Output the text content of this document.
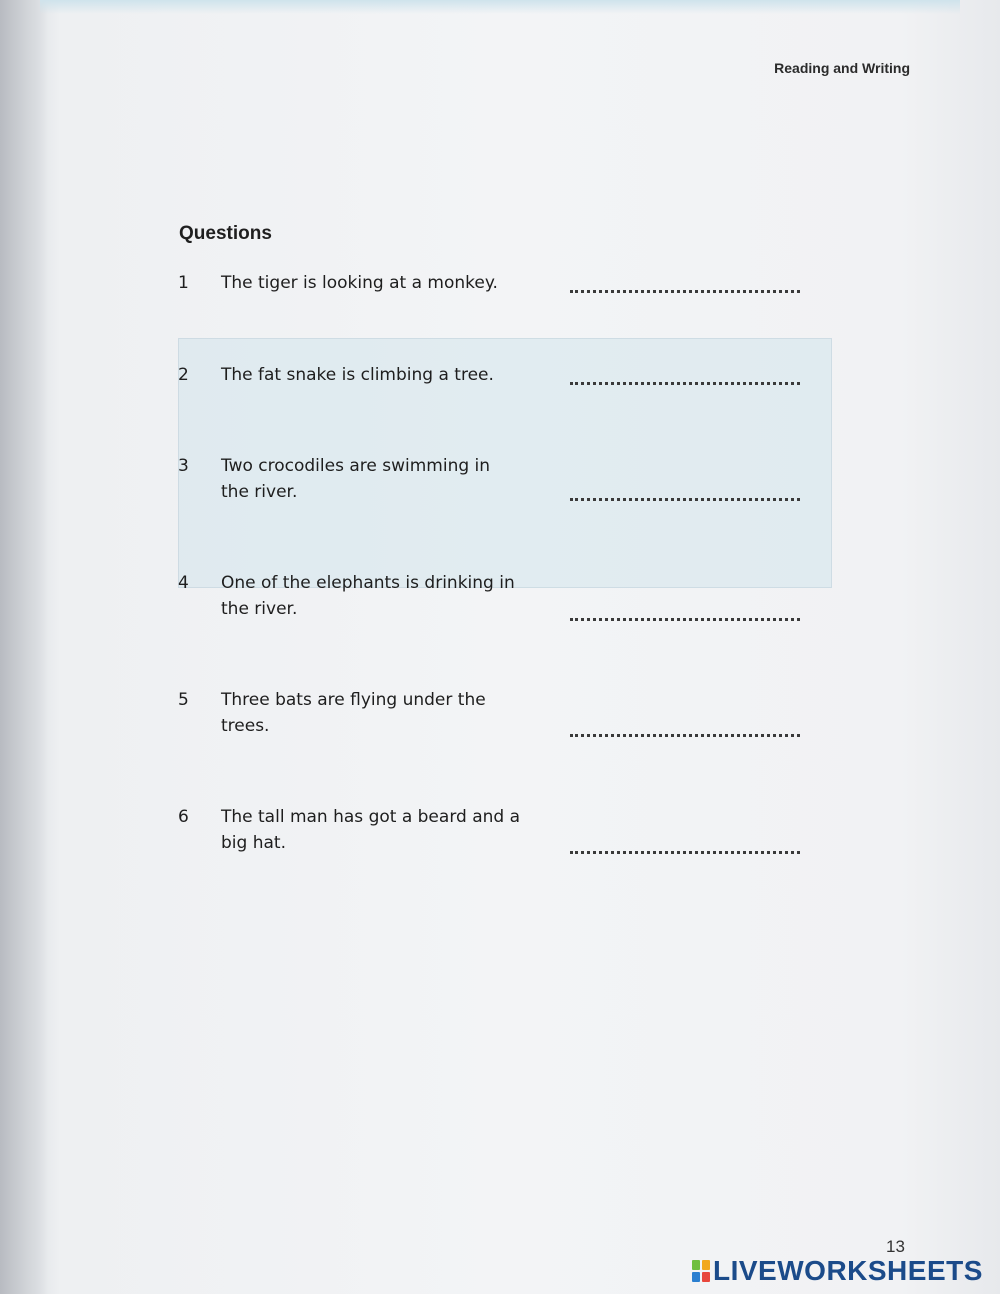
Reading and Writing
Questions
1	The tiger is looking at a monkey.
2	The fat snake is climbing a tree.
3	Two crocodiles are swimming in the river.
4	One of the elephants is drinking in the river.
5	Three bats are flying under the trees.
6	The tall man has got a beard and a big hat.
13
LIVEWORKSHEETS
